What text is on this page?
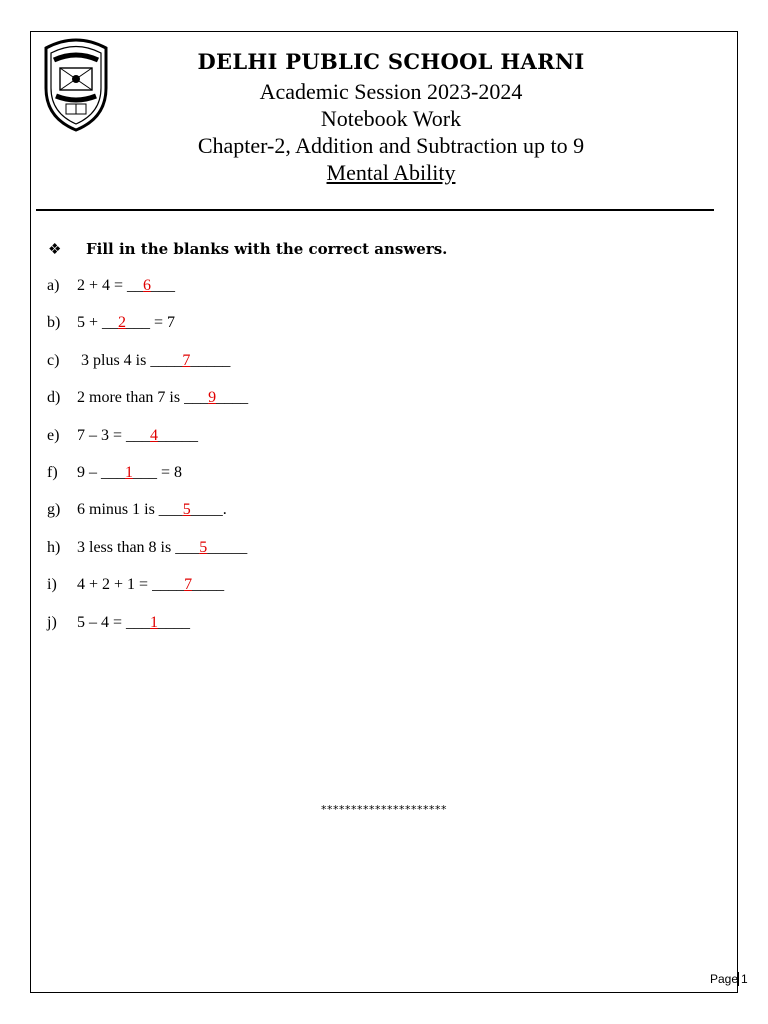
DELHI PUBLIC SCHOOL HARNI
Academic Session 2023-2024
Notebook Work
Chapter-2, Addition and Subtraction up to 9
Mental Ability
❖ Fill in the blanks with the correct answers.
a) 2 + 4 = __6___
b) 5 + __2___ = 7
c) 3 plus 4 is ____7_____
d) 2 more than 7 is ___9____
e) 7 – 3 = ___4_____
f) 9 – ___1___ = 8
g) 6 minus 1 is ___5____.
h) 3 less than 8 is ___5_____
i) 4 + 2 + 1 = ____7____
j) 5 – 4 = ___1____
*********************
Page 1
